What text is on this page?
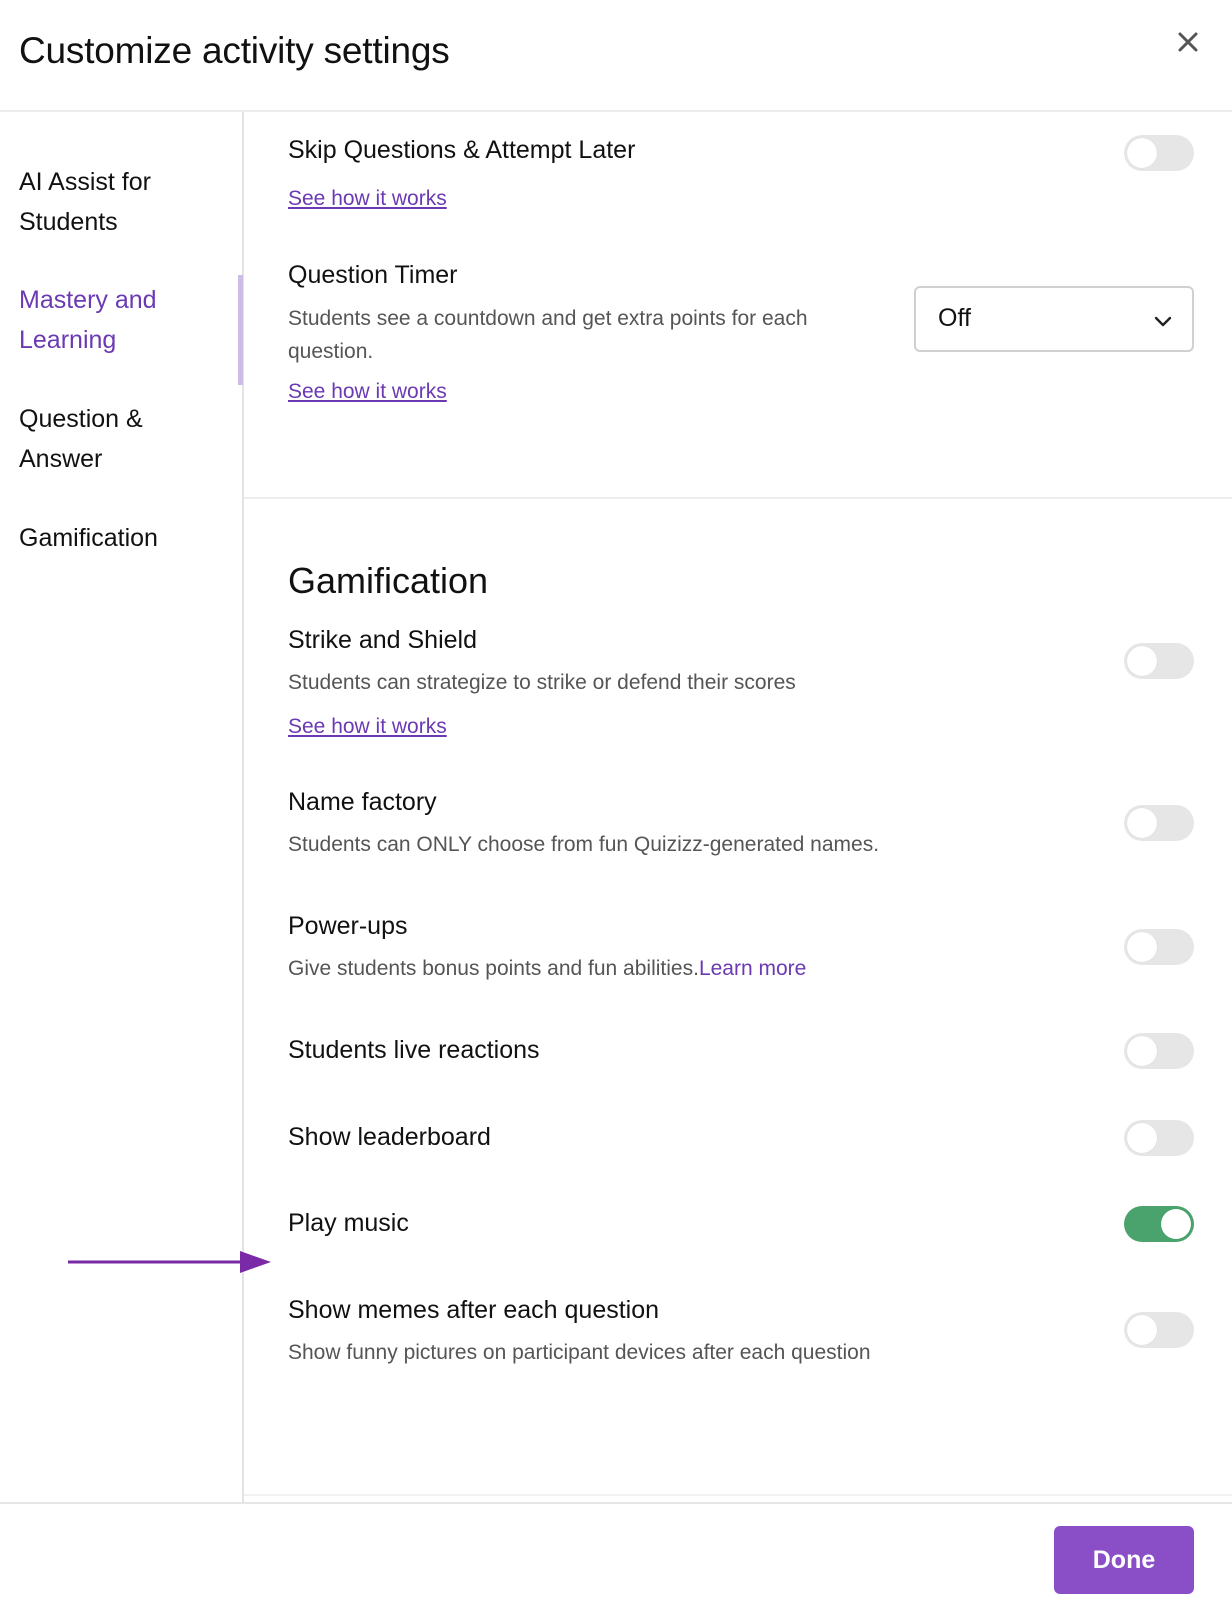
Customize activity settings
AI Assist for Students
Mastery and Learning
Question & Answer
Gamification
Skip Questions & Attempt Later
See how it works
Question Timer
Students see a countdown and get extra points for each question.
See how it works
Off
Gamification
Strike and Shield
Students can strategize to strike or defend their scores
See how it works
Name factory
Students can ONLY choose from fun Quizizz-generated names.
Power-ups
Give students bonus points and fun abilities.Learn more
Students live reactions
Show leaderboard
Play music
Show memes after each question
Show funny pictures on participant devices after each question
Done
